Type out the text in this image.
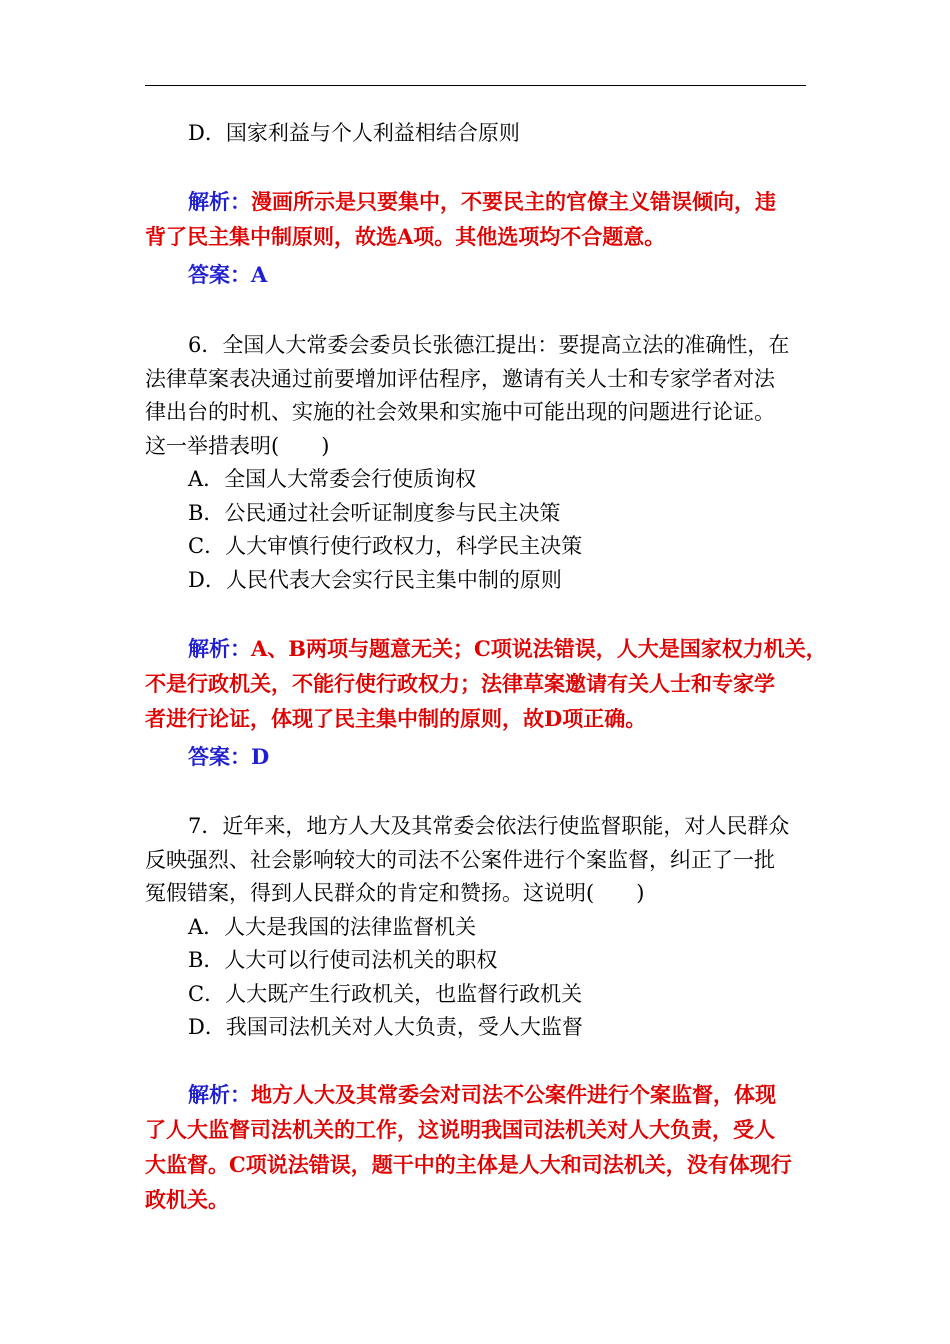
D．国家利益与个人利益相结合原则
解析：漫画所示是只要集中，不要民主的官僚主义错误倾向，违
背了民主集中制原则，故选A项。其他选项均不合题意。
答案：A
6．全国人大常委会委员长张德江提出：要提高立法的准确性，在
法律草案表决通过前要增加评估程序，邀请有关人士和专家学者对法
律出台的时机、实施的社会效果和实施中可能出现的问题进行论证。
这一举措表明(　　)
A．全国人大常委会行使质询权
B．公民通过社会听证制度参与民主决策
C．人大审慎行使行政权力，科学民主决策
D．人民代表大会实行民主集中制的原则
解析：A、B两项与题意无关；C项说法错误，人大是国家权力机关，
不是行政机关，不能行使行政权力；法律草案邀请有关人士和专家学
者进行论证，体现了民主集中制的原则，故D项正确。
答案：D
7．近年来，地方人大及其常委会依法行使监督职能，对人民群众
反映强烈、社会影响较大的司法不公案件进行个案监督，纠正了一批
冤假错案，得到人民群众的肯定和赞扬。这说明(　　)
A．人大是我国的法律监督机关
B．人大可以行使司法机关的职权
C．人大既产生行政机关，也监督行政机关
D．我国司法机关对人大负责，受人大监督
解析：地方人大及其常委会对司法不公案件进行个案监督，体现
了人大监督司法机关的工作，这说明我国司法机关对人大负责，受人
大监督。C项说法错误，题干中的主体是人大和司法机关，没有体现行
政机关。
